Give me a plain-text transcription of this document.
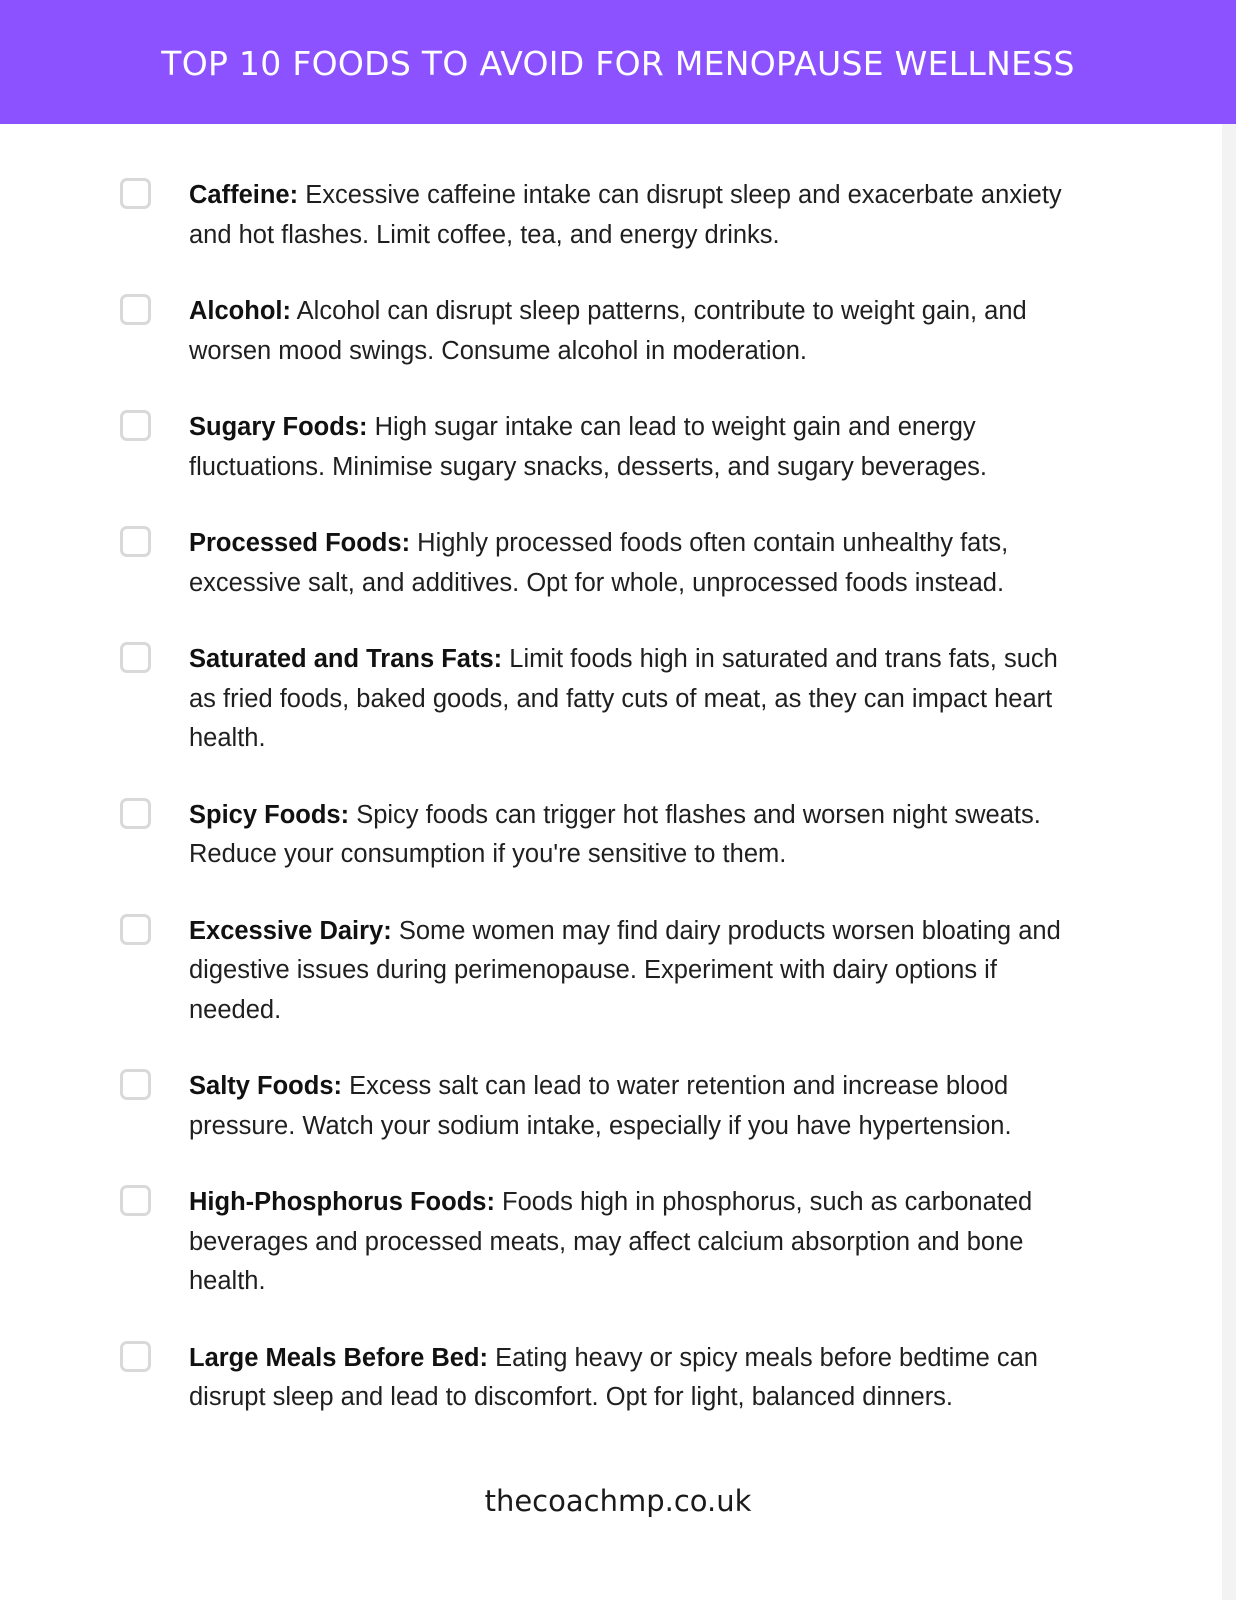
TOP 10 FOODS TO AVOID FOR MENOPAUSE WELLNESS
Caffeine: Excessive caffeine intake can disrupt sleep and exacerbate anxiety and hot flashes. Limit coffee, tea, and energy drinks.
Alcohol: Alcohol can disrupt sleep patterns, contribute to weight gain, and worsen mood swings. Consume alcohol in moderation.
Sugary Foods: High sugar intake can lead to weight gain and energy fluctuations. Minimise sugary snacks, desserts, and sugary beverages.
Processed Foods: Highly processed foods often contain unhealthy fats, excessive salt, and additives. Opt for whole, unprocessed foods instead.
Saturated and Trans Fats: Limit foods high in saturated and trans fats, such as fried foods, baked goods, and fatty cuts of meat, as they can impact heart health.
Spicy Foods: Spicy foods can trigger hot flashes and worsen night sweats. Reduce your consumption if you're sensitive to them.
Excessive Dairy: Some women may find dairy products worsen bloating and digestive issues during perimenopause. Experiment with dairy options if needed.
Salty Foods: Excess salt can lead to water retention and increase blood pressure. Watch your sodium intake, especially if you have hypertension.
High-Phosphorus Foods: Foods high in phosphorus, such as carbonated beverages and processed meats, may affect calcium absorption and bone health.
Large Meals Before Bed: Eating heavy or spicy meals before bedtime can disrupt sleep and lead to discomfort. Opt for light, balanced dinners.

thecoachmp.co.uk
